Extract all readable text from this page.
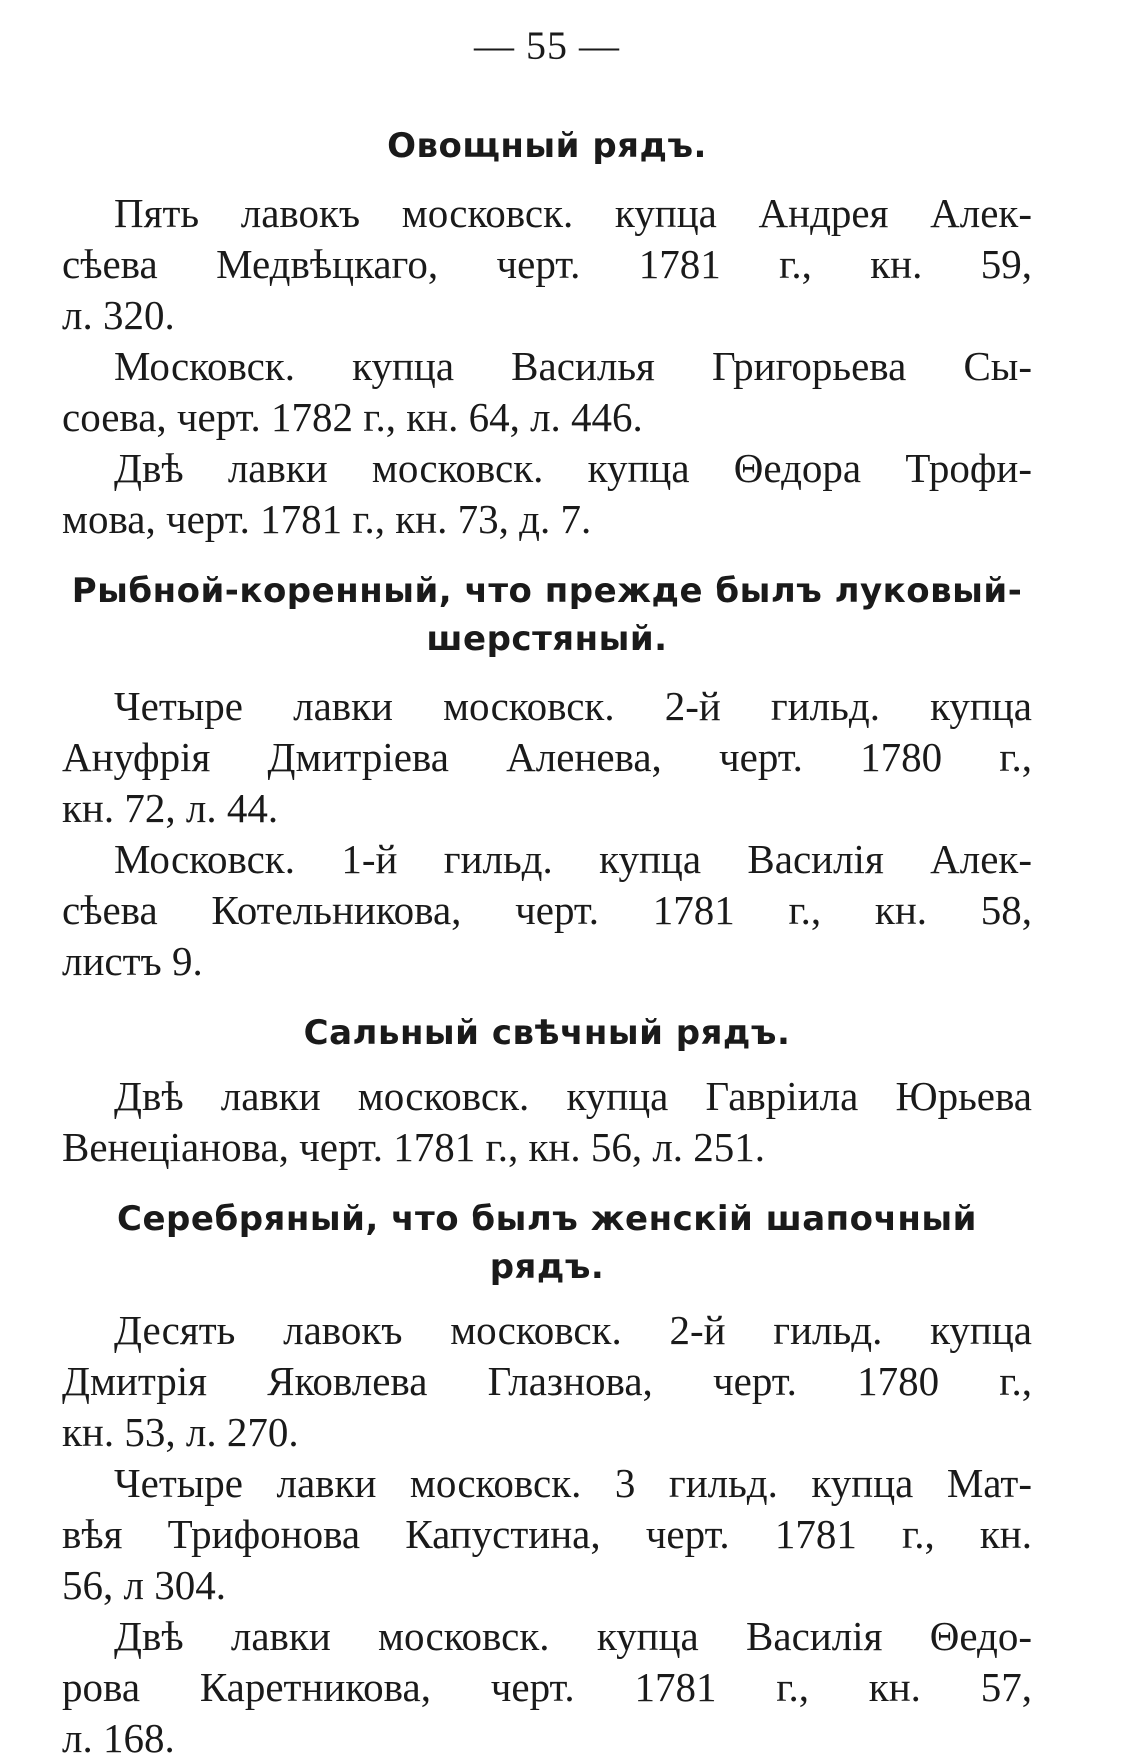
— 55 —
Овощный рядъ.
Пять лавокъ московск. купца Андрея Алек-
сѣева Медвѣцкаго, черт. 1781 г., кн. 59,
л. 320.
Московск. купца Василья Григорьева Сы-
соева, черт. 1782 г., кн. 64, л. 446.
Двѣ лавки московск. купца Θедора Трофи-
мова, черт. 1781 г., кн. 73, д. 7.
Рыбной-коренный, что прежде былъ луковый-
шерстяный.
Четыре лавки московск. 2-й гильд. купца
Ануфрія Дмитріева Аленева, черт. 1780 г.,
кн. 72, л. 44.
Московск. 1-й гильд. купца Василія Алек-
сѣева Котельникова, черт. 1781 г., кн. 58,
листъ 9.
Сальный свѣчный рядъ.
Двѣ лавки московск. купца Гавріила Юрьева
Венеціанова, черт. 1781 г., кн. 56, л. 251.
Серебряный, что былъ женскій шапочный
рядъ.
Десять лавокъ московск. 2-й гильд. купца
Дмитрія Яковлева Глазнова, черт. 1780 г.,
кн. 53, л. 270.
Четыре лавки московск. 3 гильд. купца Мат-
вѣя Трифонова Капустина, черт. 1781 г., кн.
56, л 304.
Двѣ лавки московск. купца Василія Θедо-
рова Каретникова, черт. 1781 г., кн. 57,
л. 168.
